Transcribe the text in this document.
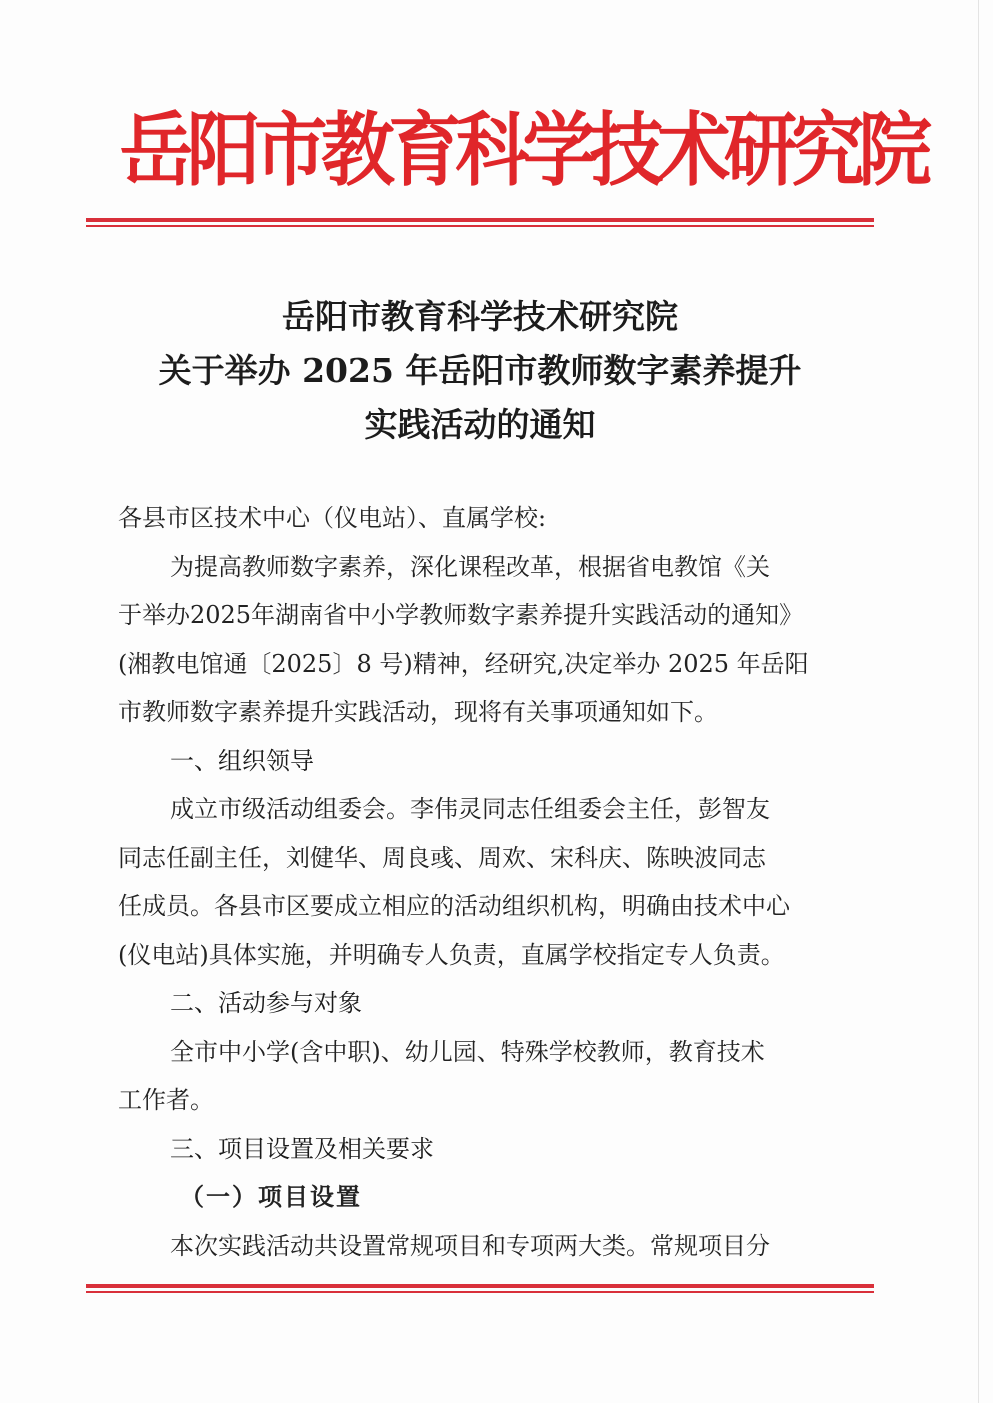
岳阳市教育科学技术研究院
岳阳市教育科学技术研究院
关于举办 2025 年岳阳市教师数字素养提升
实践活动的通知

各县市区技术中心（仪电站）、直属学校:

为提高教师数字素养，深化课程改革，根据省电教馆《关

于举办2025年湖南省中小学教师数字素养提升实践活动的通知》

(湘教电馆通〔2025〕8 号)精神，经研究,决定举办 2025 年岳阳

市教师数字素养提升实践活动，现将有关事项通知如下。

一、组织领导

成立市级活动组委会。李伟灵同志任组委会主任，彭智友

同志任副主任，刘健华、周良彧、周欢、宋科庆、陈映波同志

任成员。各县市区要成立相应的活动组织机构，明确由技术中心

(仪电站)具体实施，并明确专人负责，直属学校指定专人负责。

二、活动参与对象

全市中小学(含中职)、幼儿园、特殊学校教师，教育技术

工作者。

三、项目设置及相关要求

（一）项目设置

本次实践活动共设置常规项目和专项两大类。常规项目分
